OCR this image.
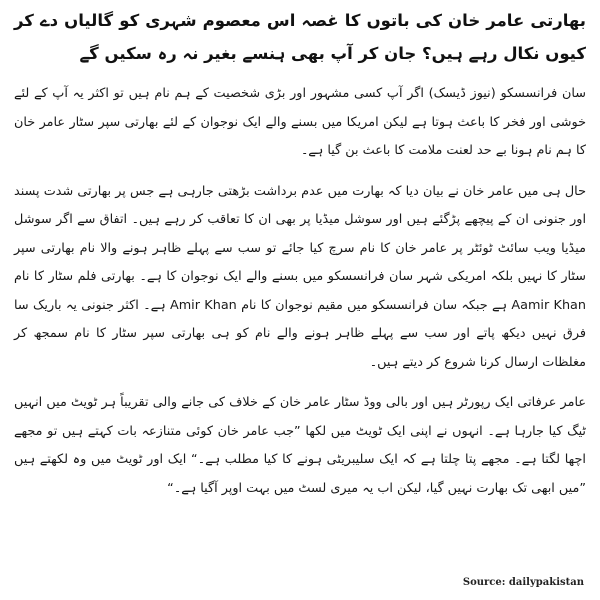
بھارتی عامر خان کی باتوں کا غصہ اس معصوم شہری کو گالیاں دے کر کیوں نکال رہے ہیں؟ جان کر آپ بھی ہنسے بغیر نہ رہ سکیں گے
سان فرانسسکو (نیوز ڈیسک) اگر آپ کسی مشہور اور بڑی شخصیت کے ہم نام ہیں تو اکثر یہ آپ کے لئے خوشی اور فخر کا باعث ہوتا ہے لیکن امریکا میں بسنے والے ایک نوجوان کے لئے بھارتی سپر سٹار عامر خان کا ہم نام ہونا بے حد لعنت ملامت کا باعث بن گیا ہے۔
حال ہی میں عامر خان نے بیان دیا کہ بھارت میں عدم برداشت بڑھتی جارہی ہے جس پر بھارتی شدت پسند اور جنونی ان کے پیچھے پڑگئے ہیں اور سوشل میڈیا پر بھی ان کا تعاقب کر رہے ہیں۔ اتفاق سے اگر سوشل میڈیا ویب سائٹ ٹوئٹر پر عامر خان کا نام سرچ کیا جائے تو سب سے پہلے ظاہر ہونے والا نام بھارتی سپر سٹار کا نہیں بلکہ امریکی شہر سان فرانسسکو میں بسنے والے ایک نوجوان کا ہے۔ بھارتی فلم سٹار کا نام Aamir Khan ہے جبکہ سان فرانسسکو میں مقیم نوجوان کا نام Amir Khan ہے۔ اکثر جنونی یہ باریک سا فرق نہیں دیکھ پاتے اور سب سے پہلے ظاہر ہونے والے نام کو ہی بھارتی سپر سٹار کا نام سمجھ کر مغلظات ارسال کرنا شروع کر دیتے ہیں۔
عامر عرفاتی ایک رپورٹر ہیں اور بالی ووڈ سٹار عامر خان کے خلاف کی جانے والی تقریباً ہر ٹویٹ میں انہیں ٹیگ کیا جارہا ہے۔ انہوں نے اپنی ایک ٹویٹ میں لکھا ”جب عامر خان کوئی متنازعہ بات کہتے ہیں تو مجھے اچھا لگتا ہے۔ مجھے پتا چلتا ہے کہ ایک سلیبریٹی ہونے کا کیا مطلب ہے۔“ ایک اور ٹویٹ میں وہ لکھتے ہیں ”میں ابھی تک بھارت نہیں گیا، لیکن اب یہ میری لسٹ میں بہت اوپر آگیا ہے۔“
Source: dailypakistan
